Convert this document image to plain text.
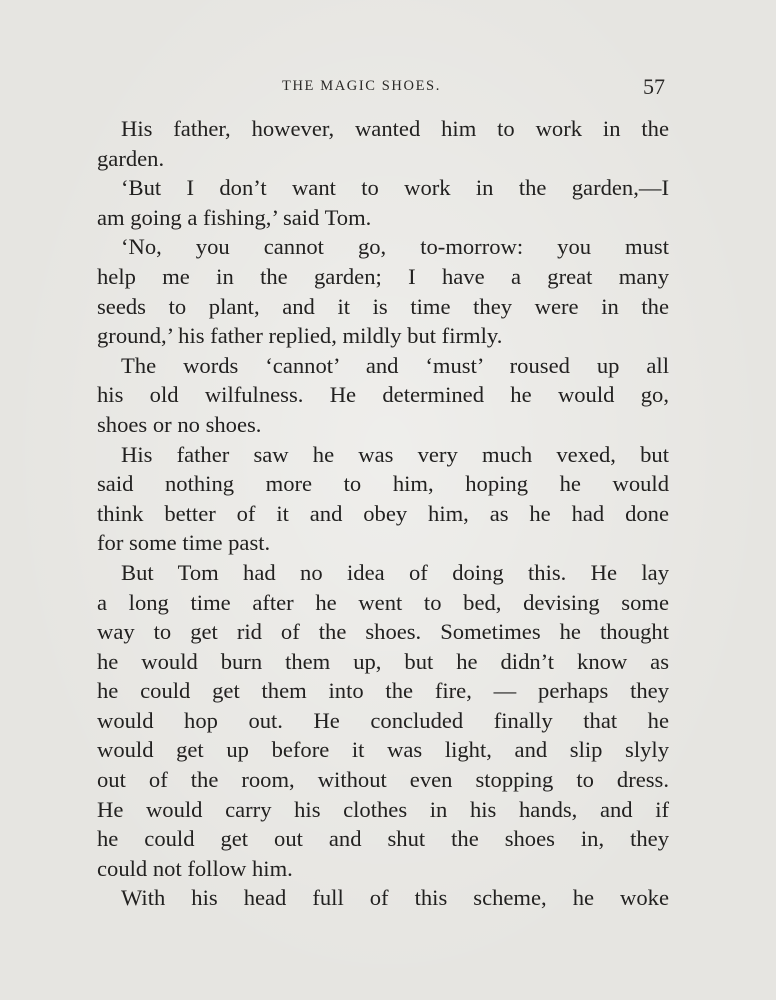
THE MAGIC SHOES.	57

His father, however, wanted him to work in the
garden.

‘But I don’t want to work in the garden,—I
am going a fishing,’ said Tom.

‘No, you cannot go, to-morrow: you must
help me in the garden; I have a great many
seeds to plant, and it is time they were in the
ground,’ his father replied, mildly but firmly.

The words ‘cannot’ and ‘must’ roused up all
his old wilfulness. He determined he would go,
shoes or no shoes.

His father saw he was very much vexed, but
said nothing more to him, hoping he would
think better of it and obey him, as he had done
for some time past.

But Tom had no idea of doing this. He lay
a long time after he went to bed, devising some
way to get rid of the shoes. Sometimes he thought
he would burn them up, but he didn’t know as
he could get them into the fire, — perhaps they
would hop out. He concluded finally that he
would get up before it was light, and slip slyly
out of the room, without even stopping to dress.
He would carry his clothes in his hands, and if
he could get out and shut the shoes in, they
could not follow him.

With his head full of this scheme, he woke
